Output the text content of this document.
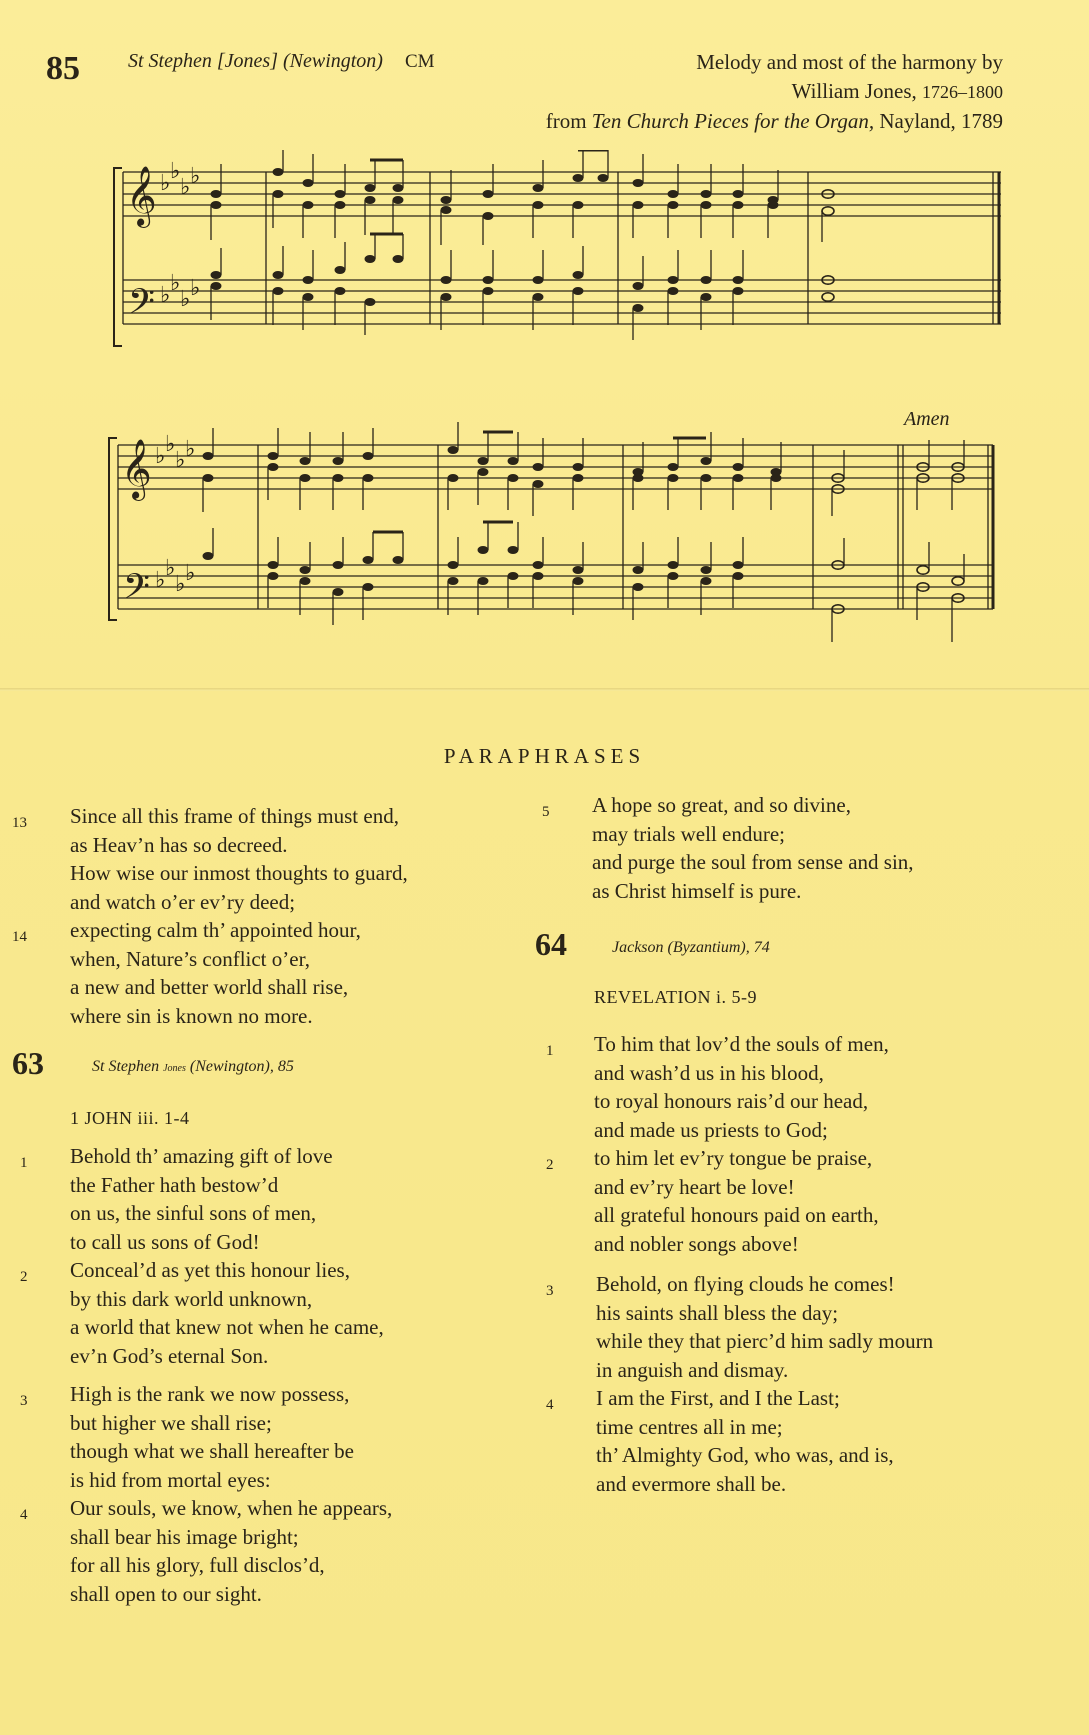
85 St Stephen [Jones] (Newington) CM	Melody and most of the harmony by
William Jones, 1726–1800
from Ten Church Pieces for the Organ, Nayland, 1789
𝄞
𝄢
♭ ♭
♭ ♭
♭ ♭
♭ ♭
Amen
𝄞
𝄢
♭ ♭
♭ ♭
♭ ♭
♭ ♭
PARAPHRASES
13 Since all this frame of things must end,
as Heav’n has so decreed.
How wise our inmost thoughts to guard,
and watch o’er ev’ry deed;
14 expecting calm th’ appointed hour,
when, Nature’s conflict o’er,
a new and better world shall rise,
where sin is known no more.
63	St Stephen Jones (Newington), 85
1 JOHN iii. 1-4
1	Behold th’ amazing gift of love
the Father hath bestow’d
on us, the sinful sons of men,
to call us sons of God!
2	Conceal’d as yet this honour lies,
by this dark world unknown,
a world that knew not when he came,
ev’n God’s eternal Son.
3	High is the rank we now possess,
but higher we shall rise;
though what we shall hereafter be
is hid from mortal eyes:
4	Our souls, we know, when he appears,
shall bear his image bright;
for all his glory, full disclos’d,
shall open to our sight.
5	A hope so great, and so divine,
may trials well endure;
and purge the soul from sense and sin,
as Christ himself is pure.
64	Jackson (Byzantium), 74
REVELATION i. 5-9
1	To him that lov’d the souls of men,
and wash’d us in his blood,
to royal honours rais’d our head,
and made us priests to God;
2	to him let ev’ry tongue be praise,
and ev’ry heart be love!
all grateful honours paid on earth,
and nobler songs above!
3	Behold, on flying clouds he comes!
his saints shall bless the day;
while they that pierc’d him sadly mourn
in anguish and dismay.
4	I am the First, and I the Last;
time centres all in me;
th’ Almighty God, who was, and is,
and evermore shall be.
